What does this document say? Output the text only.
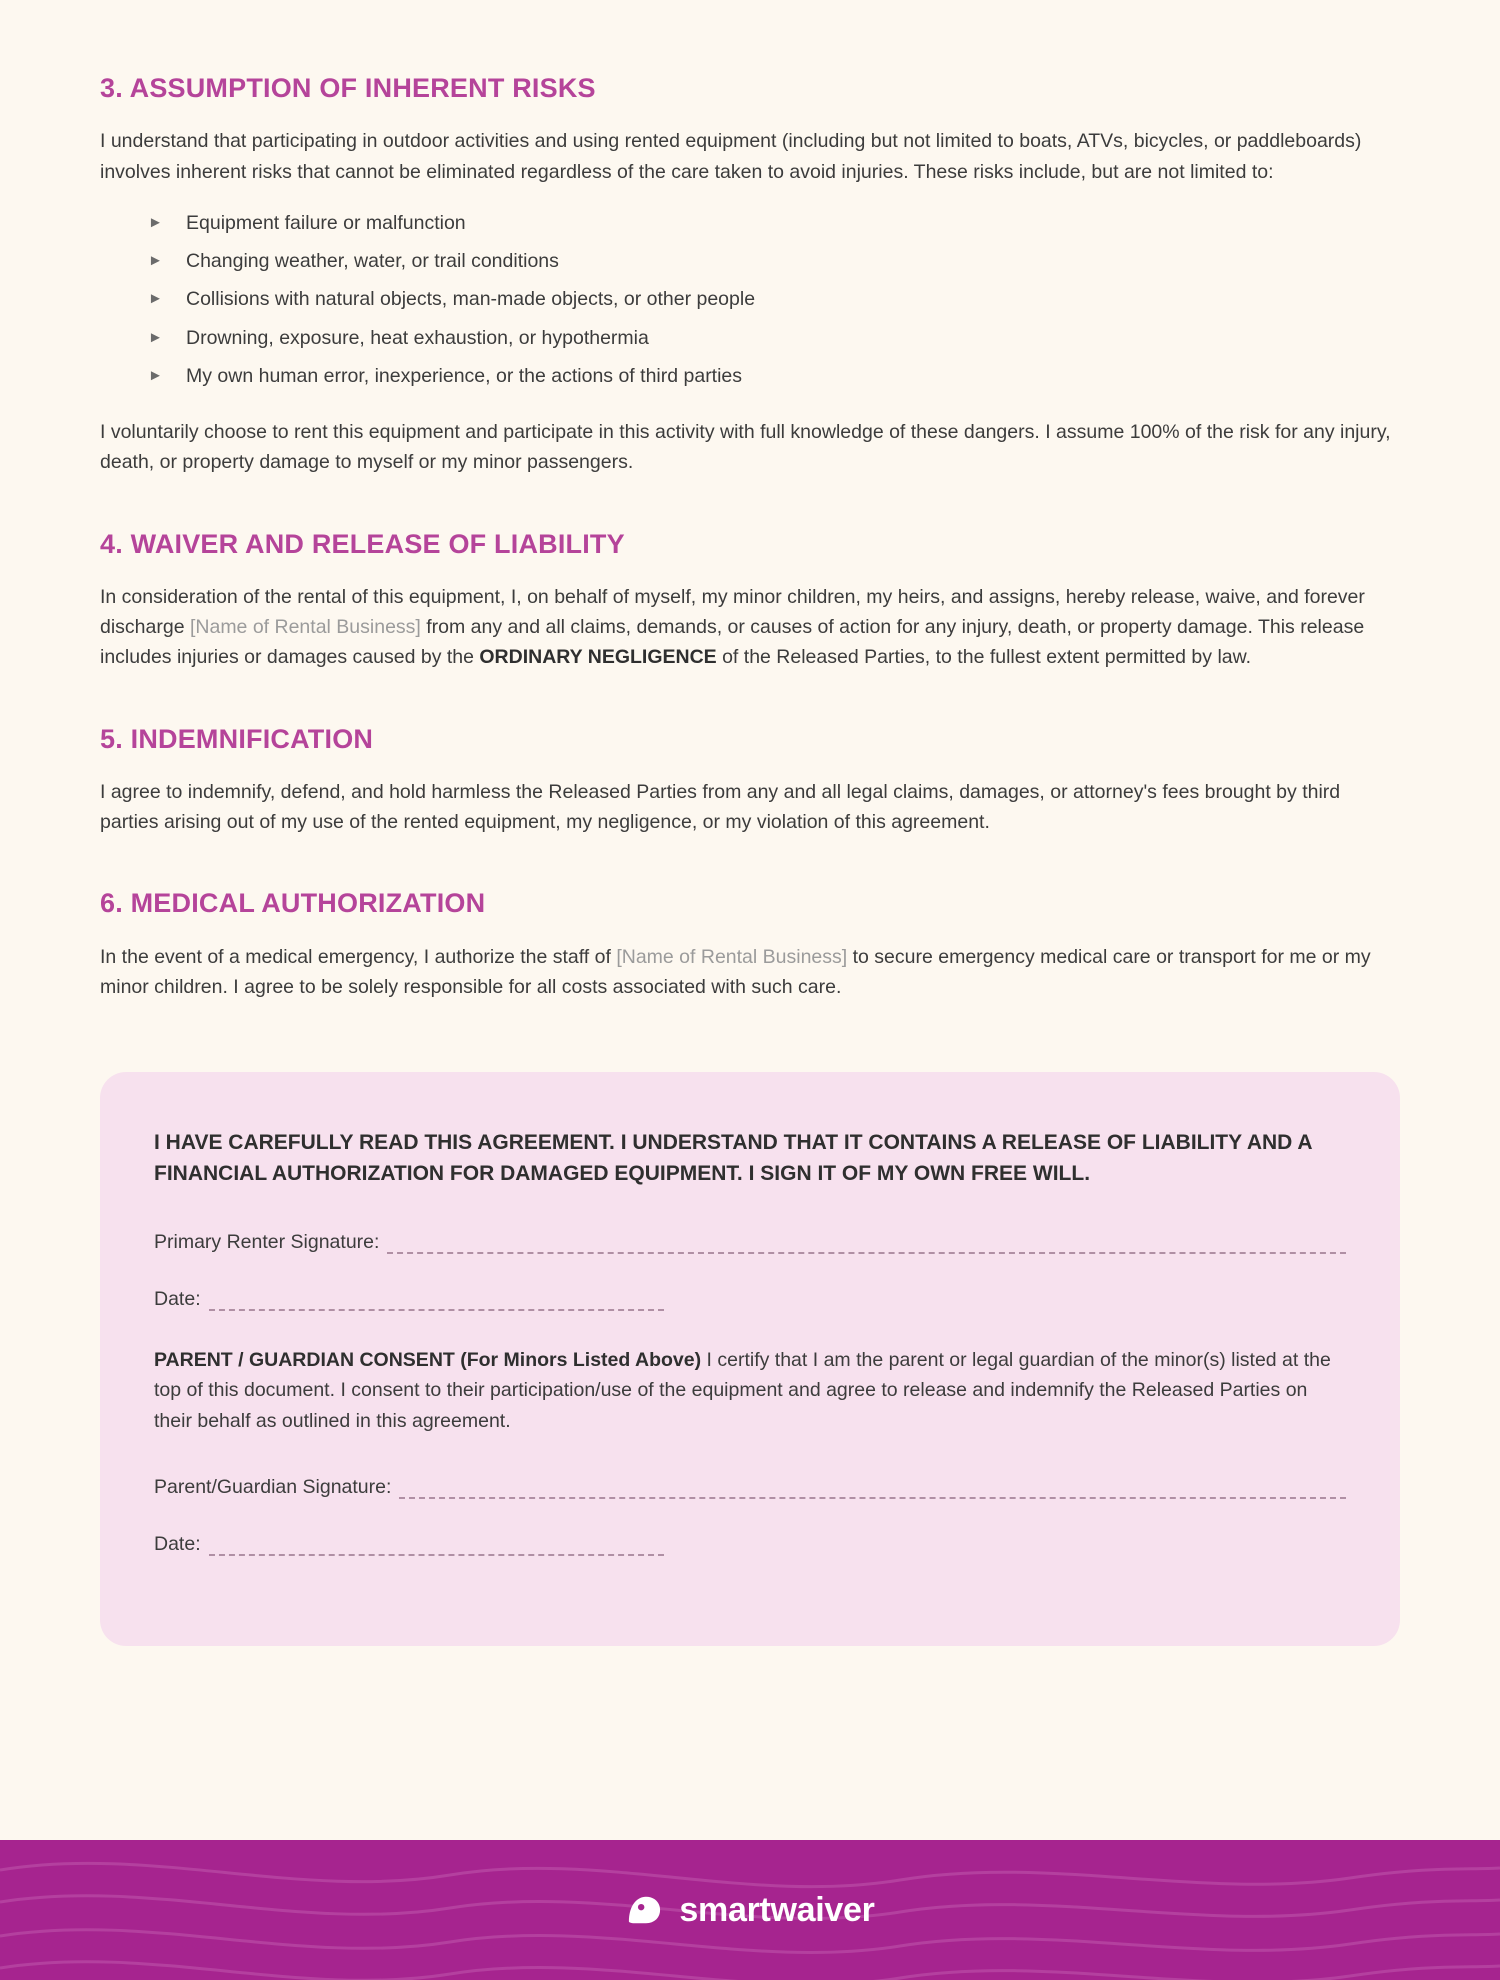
3. ASSUMPTION OF INHERENT RISKS

I understand that participating in outdoor activities and using rented equipment (including but not limited to boats, ATVs, bicycles, or paddleboards) involves inherent risks that cannot be eliminated regardless of the care taken to avoid injuries. These risks include, but are not limited to:

► Equipment failure or malfunction
► Changing weather, water, or trail conditions
► Collisions with natural objects, man-made objects, or other people
► Drowning, exposure, heat exhaustion, or hypothermia
► My own human error, inexperience, or the actions of third parties

I voluntarily choose to rent this equipment and participate in this activity with full knowledge of these dangers. I assume 100% of the risk for any injury, death, or property damage to myself or my minor passengers.

4. WAIVER AND RELEASE OF LIABILITY

In consideration of the rental of this equipment, I, on behalf of myself, my minor children, my heirs, and assigns, hereby release, waive, and forever discharge [Name of Rental Business] from any and all claims, demands, or causes of action for any injury, death, or property damage. This release includes injuries or damages caused by the ORDINARY NEGLIGENCE of the Released Parties, to the fullest extent permitted by law.

5. INDEMNIFICATION

I agree to indemnify, defend, and hold harmless the Released Parties from any and all legal claims, damages, or attorney's fees brought by third parties arising out of my use of the rented equipment, my negligence, or my violation of this agreement.

6. MEDICAL AUTHORIZATION

In the event of a medical emergency, I authorize the staff of [Name of Rental Business] to secure emergency medical care or transport for me or my minor children. I agree to be solely responsible for all costs associated with such care.

I HAVE CAREFULLY READ THIS AGREEMENT. I UNDERSTAND THAT IT CONTAINS A RELEASE OF LIABILITY AND A FINANCIAL AUTHORIZATION FOR DAMAGED EQUIPMENT. I SIGN IT OF MY OWN FREE WILL.
Primary Renter Signature:
Date:
PARENT / GUARDIAN CONSENT (For Minors Listed Above) I certify that I am the parent or legal guardian of the minor(s) listed at the top of this document. I consent to their participation/use of the equipment and agree to release and indemnify the Released Parties on their behalf as outlined in this agreement.
Parent/Guardian Signature:
Date:
smartwaiver
